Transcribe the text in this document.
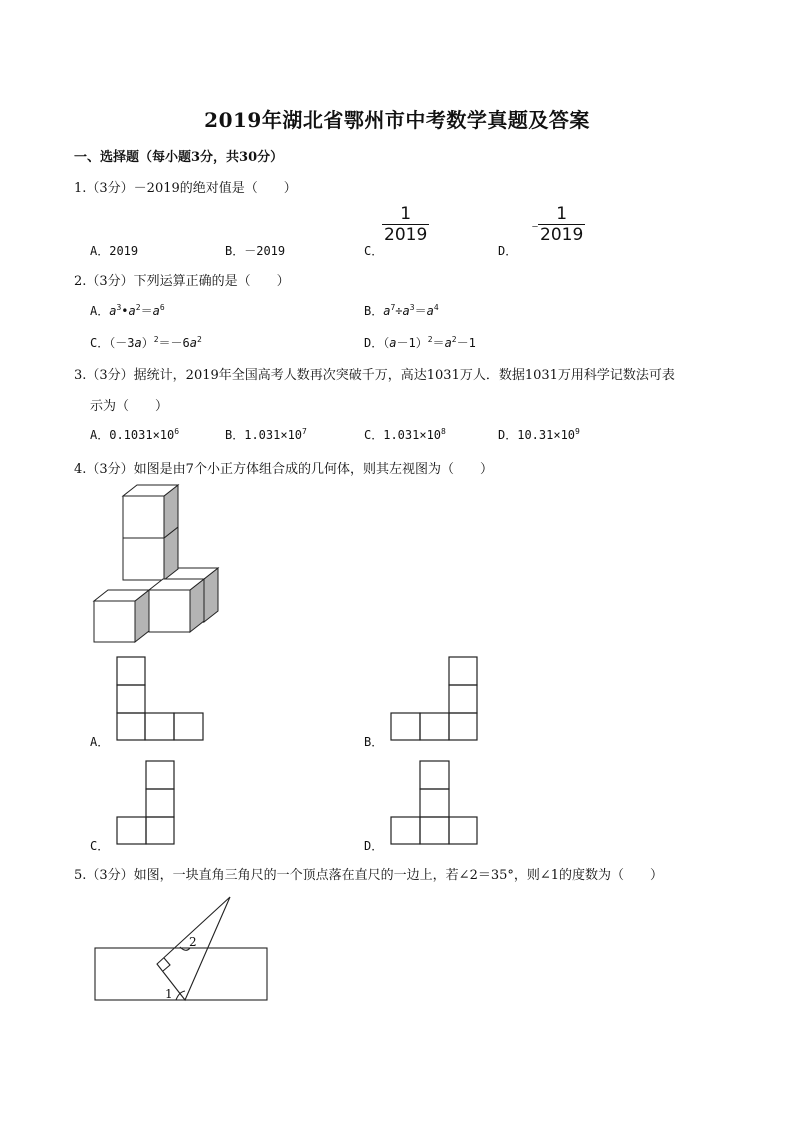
2019年湖北省鄂州市中考数学真题及答案
一、选择题（每小题3分，共30分）
1.（3分）－2019的绝对值是（　　）
A．2019	B．－2019	C．
$\frac{1}{2019}$
D．
﹣
$\frac{1}{2019}$
2.（3分）下列运算正确的是（　　）
A．$a^3•a^2=a^6$	B．$a^7\div a^3=a^4$
C．$(-3a)^2=-6a^2$	D．$(a-1)^2=a^2-1$
3.（3分）据统计，2019年全国高考人数再次突破千万，高达1031万人．数据1031万用科学记数法可表
示为（　　）
A．$0.1031\times 10^6$	B．$1.031\times 10^7$	C．$1.031\times 10^8$	D．$10.31\times 10^9$
4.（3分）如图是由7个小正方体组合成的几何体，则其左视图为（　　）
A．	B．
C．	D．
5.（3分）如图，一块直角三角尺的一个顶点落在直尺的一边上，若∠2＝35°，则∠1的度数为（　　）
2
1
